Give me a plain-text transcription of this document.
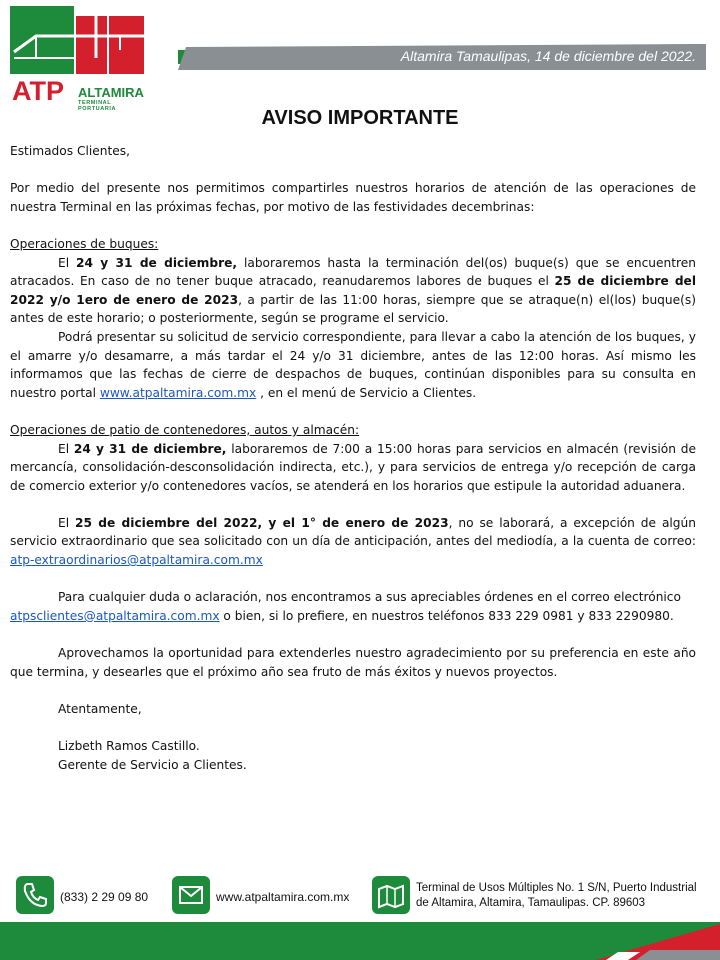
ATP ALTAMIRA
TERMINAL PORTUARIA
Altamira Tamaulipas, 14 de diciembre del 2022.
AVISO IMPORTANTE

Estimados Clientes,

Por medio del presente nos permitimos compartirles nuestros horarios de atención de las operaciones de nuestra Terminal en las próximas fechas, por motivo de las festividades decembrinas:

Operaciones de buques:

El 24 y 31 de diciembre, laboraremos hasta la terminación del(os) buque(s) que se encuentren atracados. En caso de no tener buque atracado, reanudaremos labores de buques el 25 de diciembre del 2022 y/o 1ero de enero de 2023, a partir de las 11:00 horas, siempre que se atraque(n) el(los) buque(s) antes de este horario; o posteriormente, según se programe el servicio.

Podrá presentar su solicitud de servicio correspondiente, para llevar a cabo la atención de los buques, y el amarre y/o desamarre, a más tardar el 24 y/o 31 diciembre, antes de las 12:00 horas. Así mismo les informamos que las fechas de cierre de despachos de buques, continúan disponibles para su consulta en nuestro portal www.atpaltamira.com.mx , en el menú de Servicio a Clientes.

Operaciones de patio de contenedores, autos y almacén:

El 24 y 31 de diciembre, laboraremos de 7:00 a 15:00 horas para servicios en almacén (revisión de mercancía, consolidación-desconsolidación indirecta, etc.), y para servicios de entrega y/o recepción de carga de comercio exterior y/o contenedores vacíos, se atenderá en los horarios que estipule la autoridad aduanera.

El 25 de diciembre del 2022, y el 1° de enero de 2023, no se laborará, a excepción de algún servicio extraordinario que sea solicitado con un día de anticipación, antes del mediodía, a la cuenta de correo: atp-extraordinarios@atpaltamira.com.mx

Para cualquier duda o aclaración, nos encontramos a sus apreciables órdenes en el correo electrónico atpsclientes@atpaltamira.com.mx o bien, si lo prefiere, en nuestros teléfonos 833 229 0981 y 833 2290980.

Aprovechamos la oportunidad para extenderles nuestro agradecimiento por su preferencia en este año que termina, y desearles que el próximo año sea fruto de más éxitos y nuevos proyectos.

Atentamente,

Lizbeth Ramos Castillo.

Gerente de Servicio a Clientes.

(833) 2 29 09 80	www.atpaltamira.com.mx
Terminal de Usos Múltiples No. 1 S/N, Puerto Industrial
de Altamira, Altamira, Tamaulipas. CP. 89603
